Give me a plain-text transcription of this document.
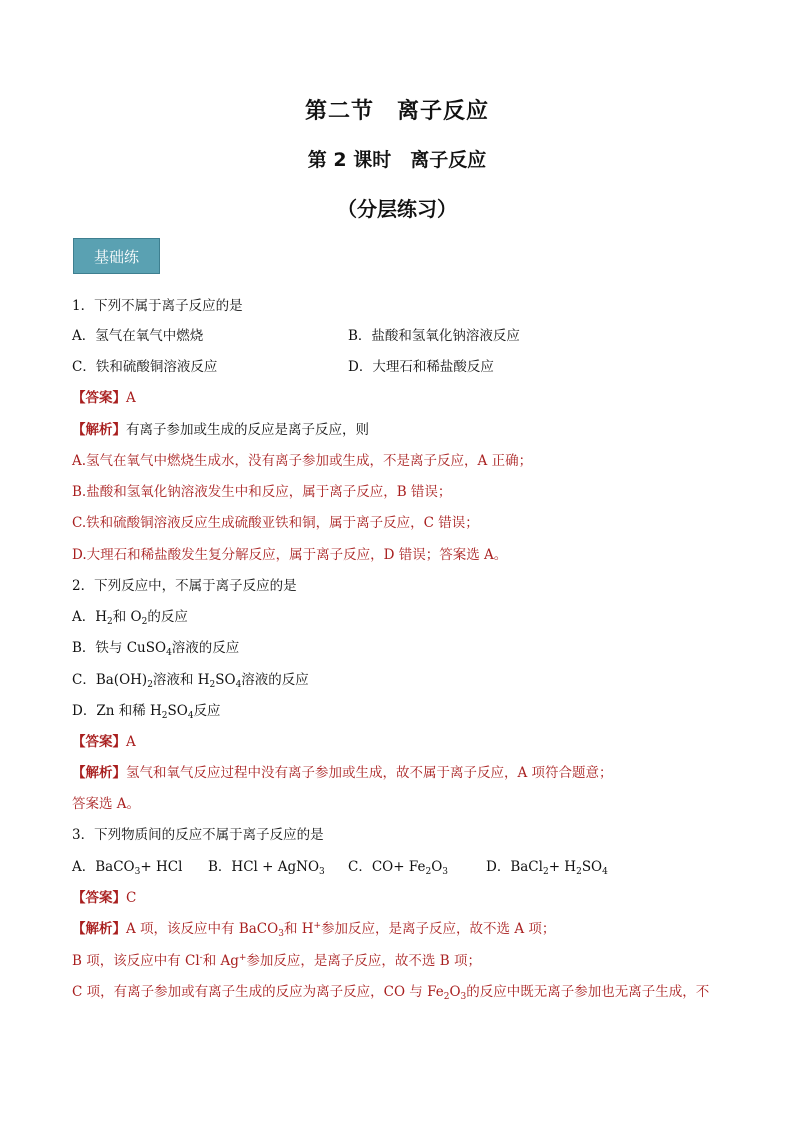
第二节　离子反应
第 2 课时　离子反应
（分层练习）
基础练
1．下列不属于离子反应的是
A．氢气在氧气中燃烧	B．盐酸和氢氧化钠溶液反应
C．铁和硫酸铜溶液反应	D．大理石和稀盐酸反应
【答案】A
【解析】有离子参加或生成的反应是离子反应，则
A.氢气在氧气中燃烧生成水，没有离子参加或生成，不是离子反应，A 正确；
B.盐酸和氢氧化钠溶液发生中和反应，属于离子反应，B 错误；
C.铁和硫酸铜溶液反应生成硫酸亚铁和铜，属于离子反应，C 错误；
D.大理石和稀盐酸发生复分解反应，属于离子反应，D 错误；答案选 A。
2．下列反应中，不属于离子反应的是
A．$H_2$和 $O_2$的反应
B．铁与 CuSO$_4$溶液的反应
C．$Ba(OH)_2$溶液和 $H_2SO_4$溶液的反应
D．Zn 和稀 $H_2SO_4$反应
【答案】A
【解析】氢气和氧气反应过程中没有离子参加或生成，故不属于离子反应，A 项符合题意；
答案选 A。
3．下列物质间的反应不属于离子反应的是
A．BaCO$_3$+ HCl B．HCl + AgNO$_3$ C．$CO+ Fe_2O_3$	D．BaCl$_2$+ $H_2SO_4$
【答案】C
【解析】A 项，该反应中有 BaCO$_3$和 H+参加反应，是离子反应，故不选 A 项；
B 项，该反应中有 Cl-和 Ag+参加反应，是离子反应，故不选 B 项；
C 项，有离子参加或有离子生成的反应为离子反应，CO 与 $Fe_2O_3$的反应中既无离子参加也无离子生成，不
